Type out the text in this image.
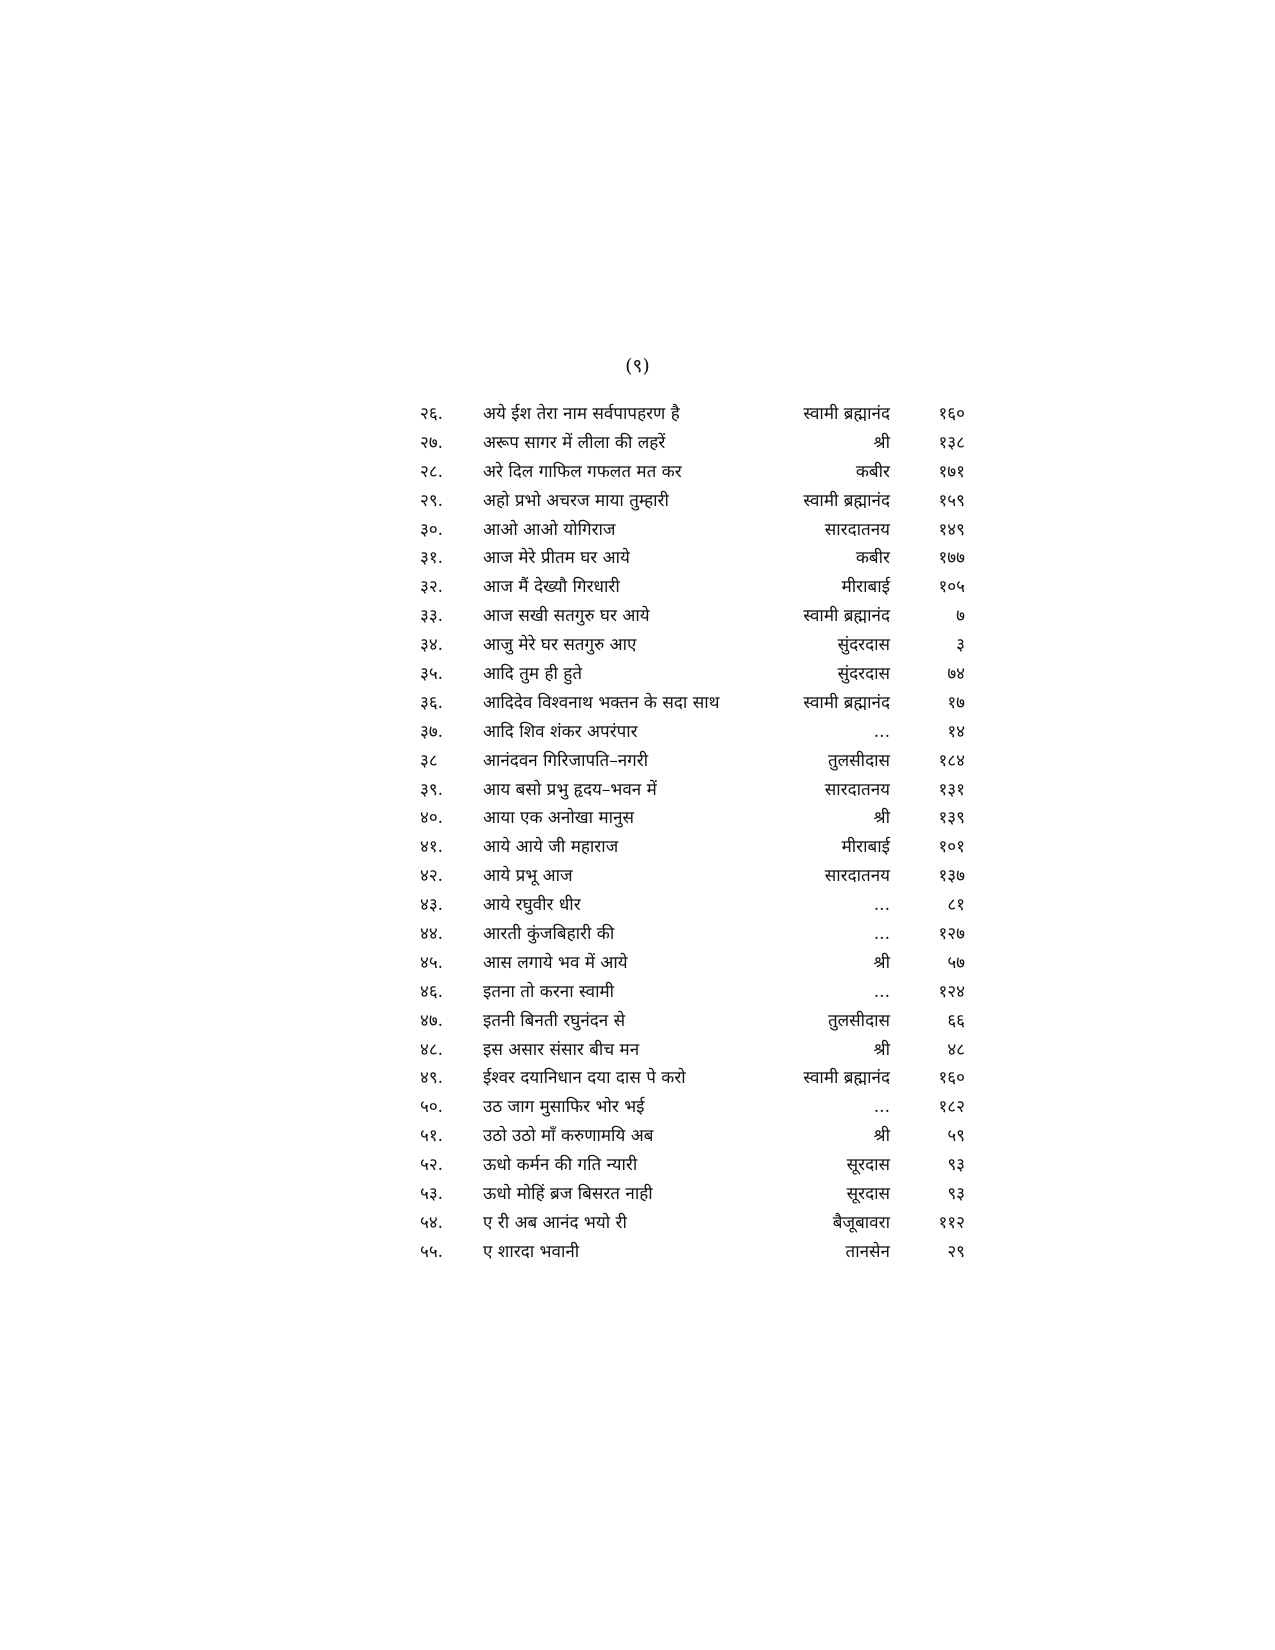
(९)
२६. अये ईश तेरा नाम सर्वपापहरण है	स्वामी ब्रह्मानंद	१६०
२७. अरूप सागर में लीला की लहरें	श्री	१३८
२८. अरे दिल गाफिल गफलत मत कर	कबीर	१७१
२९. अहो प्रभो अचरज माया तुम्हारी	स्वामी ब्रह्मानंद	१५९
३०. आओ आओ योगिराज	सारदातनय	१४९
३१. आज मेरे प्रीतम घर आये	कबीर	१७७
३२. आज मैं देख्यौ गिरधारी	मीराबाई	१०५
३३. आज सखी सतगुरु घर आये	स्वामी ब्रह्मानंद	७
३४. आजु मेरे घर सतगुरु आए	सुंदरदास	३
३५. आदि तुम ही हुते	सुंदरदास	७४
३६. आदिदेव विश्वनाथ भक्तन के सदा साथ	स्वामी ब्रह्मानंद	१७
३७. आदि शिव शंकर अपरंपार	...	१४
३८	आनंदवन गिरिजापति–नगरी	तुलसीदास	१८४
३९. आय बसो प्रभु हृदय–भवन में	सारदातनय	१३१
४०. आया एक अनोखा मानुस	श्री	१३९
४१. आये आये जी महाराज	मीराबाई	१०१
४२. आये प्रभू आज	सारदातनय	१३७
४३. आये रघुवीर धीर	...	८१
४४. आरती कुंजबिहारी की	...	१२७
४५. आस लगाये भव में आये	श्री	५७
४६. इतना तो करना स्वामी	...	१२४
४७. इतनी बिनती रघुनंदन से	तुलसीदास	६६
४८. इस असार संसार बीच मन	श्री	४८
४९. ईश्वर दयानिधान दया दास पे करो	स्वामी ब्रह्मानंद	१६०
५०. उठ जाग मुसाफिर भोर भई	...	१८२
५१. उठो उठो माँ करुणामयि अब	श्री	५९
५२. ऊधो कर्मन की गति न्यारी	सूरदास	९३
५३. ऊधो मोहिं ब्रज बिसरत नाही	सूरदास	९३
५४. ए री अब आनंद भयो री	बैजूबावरा	११२
५५. ए शारदा भवानी	तानसेन	२९
